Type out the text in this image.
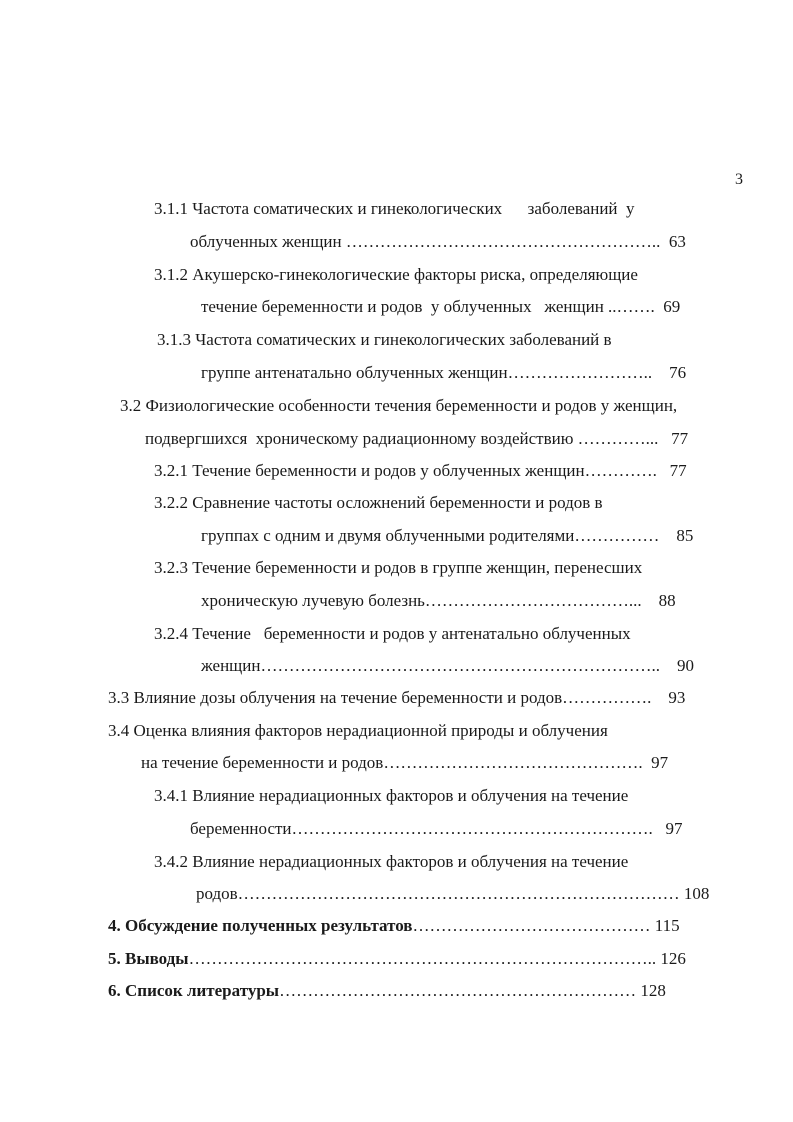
3
3.1.1 Частота соматических и гинекологических      заболеваний  у
облученных женщин ………………………………………………..  63
3.1.2 Акушерско-гинекологические факторы риска, определяющие
течение беременности и родов  у облученных   женщин ..…….  69
3.1.3 Частота соматических и гинекологических заболеваний в
группе антенатально облученных женщин……………………..    76
3.2 Физиологические особенности течения беременности и родов у женщин,
подвергшихся  хроническому радиационному воздействию …………...   77
3.2.1 Течение беременности и родов у облученных женщин………….   77
3.2.2 Сравнение частоты осложнений беременности и родов в
группах с одним и двумя облученными родителями……………    85
3.2.3 Течение беременности и родов в группе женщин, перенесших
хроническую лучевую болезнь………………………………...    88
3.2.4 Течение   беременности и родов у антенатально облученных
женщин……………………………………………………………..    90
3.3 Влияние дозы облучения на течение беременности и родов…………….    93
3.4 Оценка влияния факторов нерадиационной природы и облучения
на течение беременности и родов……………………………………….  97
3.4.1 Влияние нерадиационных факторов и облучения на течение
беременности……………………………………………………….   97
3.4.2 Влияние нерадиационных факторов и облучения на течение
родов…………………………………………………………………… 108
4. Обсуждение полученных результатов…………………………………… 115
5. Выводы……………………………………………………………………….. 126
6. Список литературы……………………………………………………… 128
